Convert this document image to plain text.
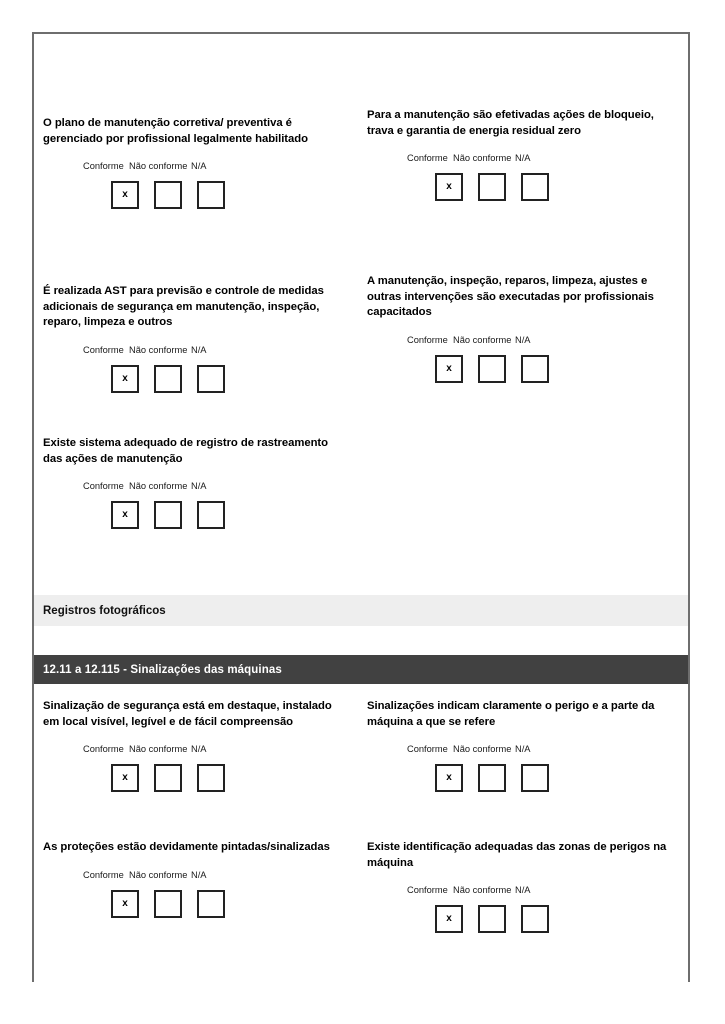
O plano de manutenção corretiva/ preventiva é gerenciado por profissional legalmente habilitado
Conforme Não conforme N/A
x
Para a manutenção são efetivadas ações de bloqueio, trava e garantia de energia residual zero
Conforme Não conforme N/A
x
É realizada AST para previsão e controle de medidas adicionais de segurança em manutenção, inspeção, reparo, limpeza e outros
Conforme Não conforme N/A
x
A manutenção, inspeção, reparos, limpeza, ajustes e outras intervenções são executadas por profissionais capacitados
Conforme Não conforme N/A
x
Existe sistema adequado de registro de rastreamento das ações de manutenção
Conforme Não conforme N/A
x
Registros fotográficos
12.11 a 12.115 - Sinalizações das máquinas
Sinalização de segurança está em destaque, instalado em local visível, legível e de fácil compreensão
Conforme Não conforme N/A
x
Sinalizações indicam claramente o perigo e a parte da máquina a que se refere
Conforme Não conforme N/A
x
As proteções estão devidamente pintadas/sinalizadas
Conforme Não conforme N/A
x
Existe identificação adequadas das zonas de perigos na máquina
Conforme Não conforme N/A
x
